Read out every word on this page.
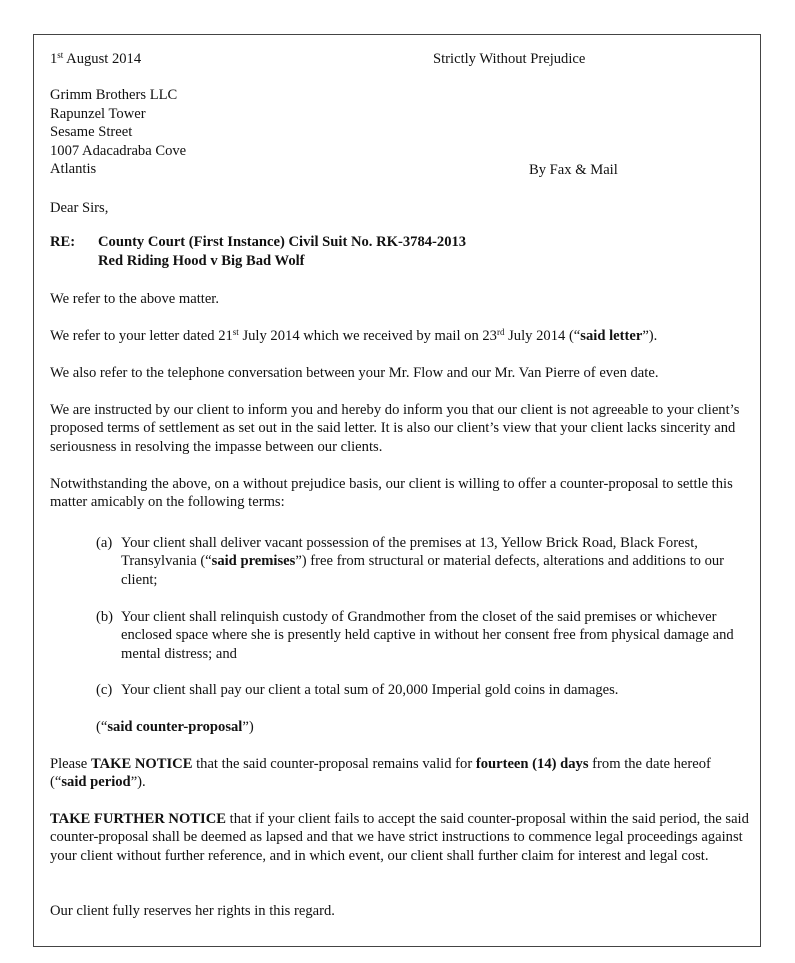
1st August 2014	Strictly Without Prejudice
Grimm Brothers LLC
Rapunzel Tower
Sesame Street
1007 Adacadraba Cove
Atlantis	By Fax & Mail
Dear Sirs,
RE: County Court (First Instance) Civil Suit No. RK-3784-2013
Red Riding Hood v Big Bad Wolf

We refer to the above matter.

We refer to your letter dated 21st July 2014 which we received by mail on 23rd July 2014 (“said letter”).

We also refer to the telephone conversation between your Mr. Flow and our Mr. Van Pierre of even date.

We are instructed by our client to inform you and hereby do inform you that our client is not agreeable to your client’s proposed terms of settlement as set out in the said letter. It is also our client’s view that your client lacks sincerity and seriousness in resolving the impasse between our clients.

Notwithstanding the above, on a without prejudice basis, our client is willing to offer a counter-proposal to settle this matter amicably on the following terms:

(a) Your client shall deliver vacant possession of the premises at 13, Yellow Brick Road, Black Forest, Transylvania (“said premises”) free from structural or material defects, alterations and additions to our client;
(b) Your client shall relinquish custody of Grandmother from the closet of the said premises or whichever enclosed space where she is presently held captive in without her consent free from physical damage and mental distress; and
(c) Your client shall pay our client a total sum of 20,000 Imperial gold coins in damages.
(“said counter-proposal”)

Please TAKE NOTICE that the said counter-proposal remains valid for fourteen (14) days from the date hereof (“said period”).

TAKE FURTHER NOTICE that if your client fails to accept the said counter-proposal within the said period, the said counter-proposal shall be deemed as lapsed and that we have strict instructions to commence legal proceedings against your client without further reference, and in which event, our client shall further claim for interest and legal cost.

Our client fully reserves her rights in this regard.
